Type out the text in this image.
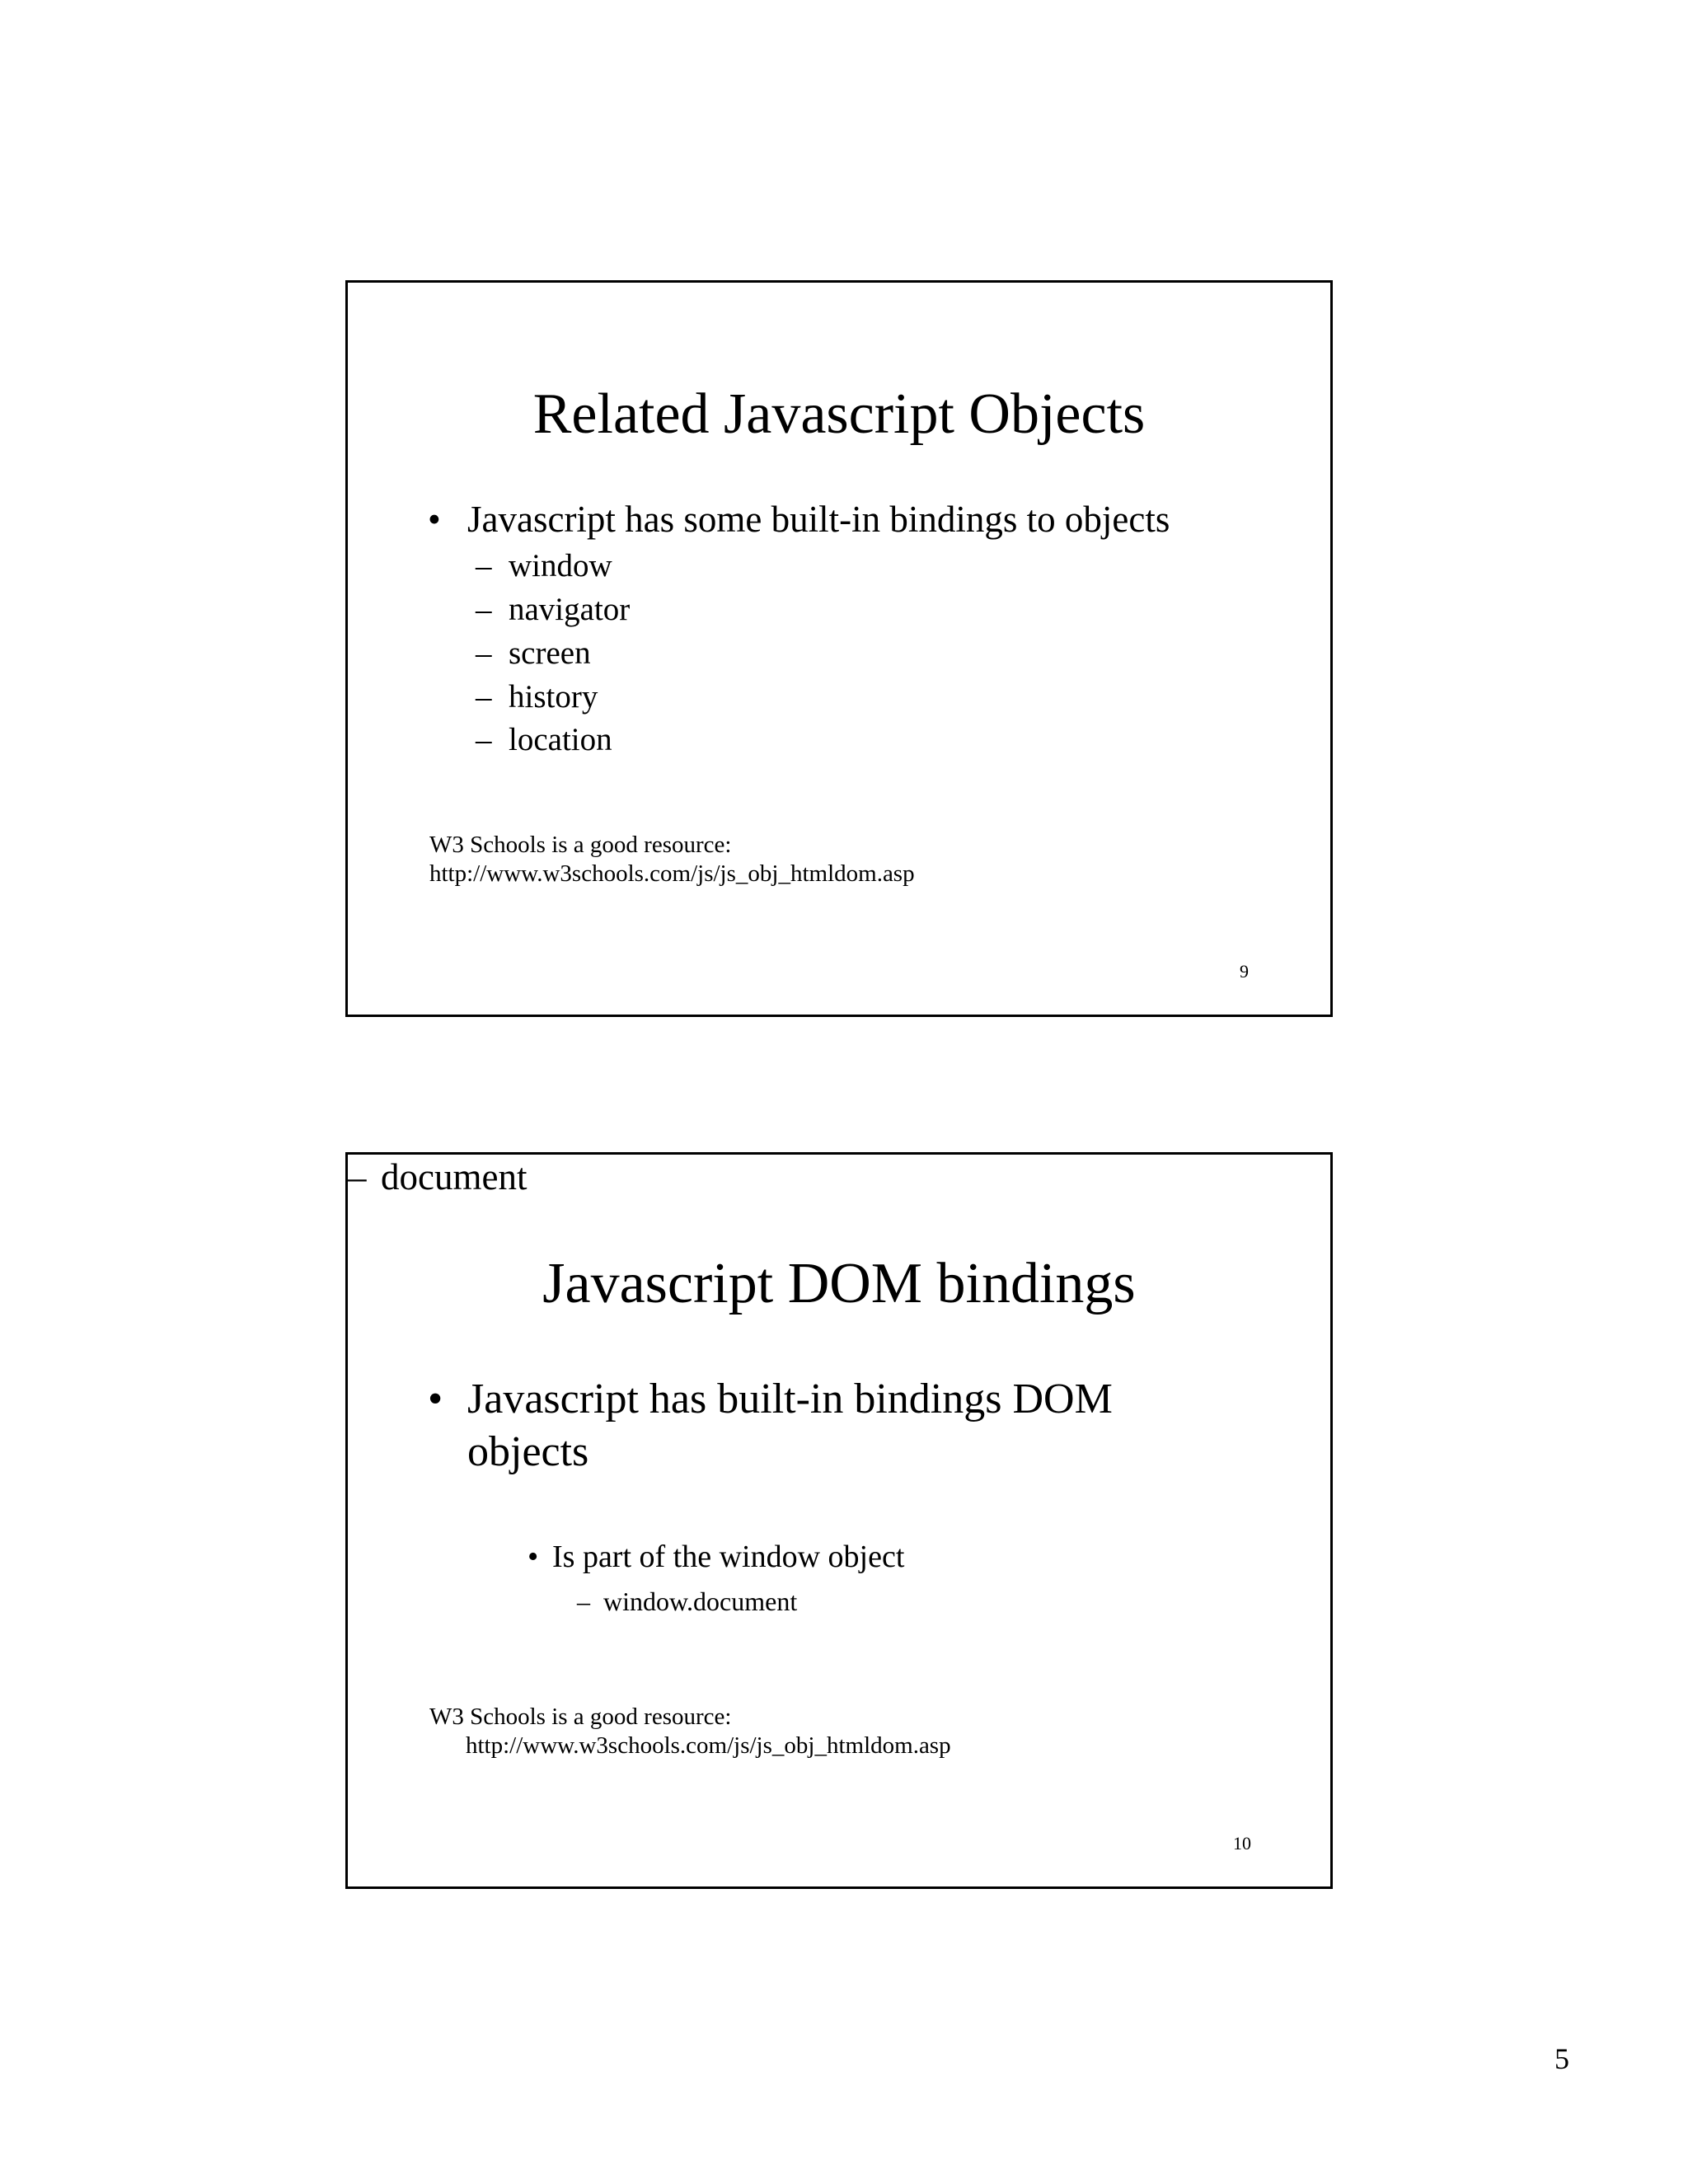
Related Javascript Objects
• Javascript has some built-in bindings to objects
– window
– navigator
– screen
– history
– location
W3 Schools is a good resource:
http://www.w3schools.com/js/js_obj_htmldom.asp
9
Javascript DOM bindings
• Javascript has built-in bindings DOM
objects
– document
• Is part of the window object
– window.document
W3 Schools is a good resource:
http://www.w3schools.com/js/js_obj_htmldom.asp
10
5
